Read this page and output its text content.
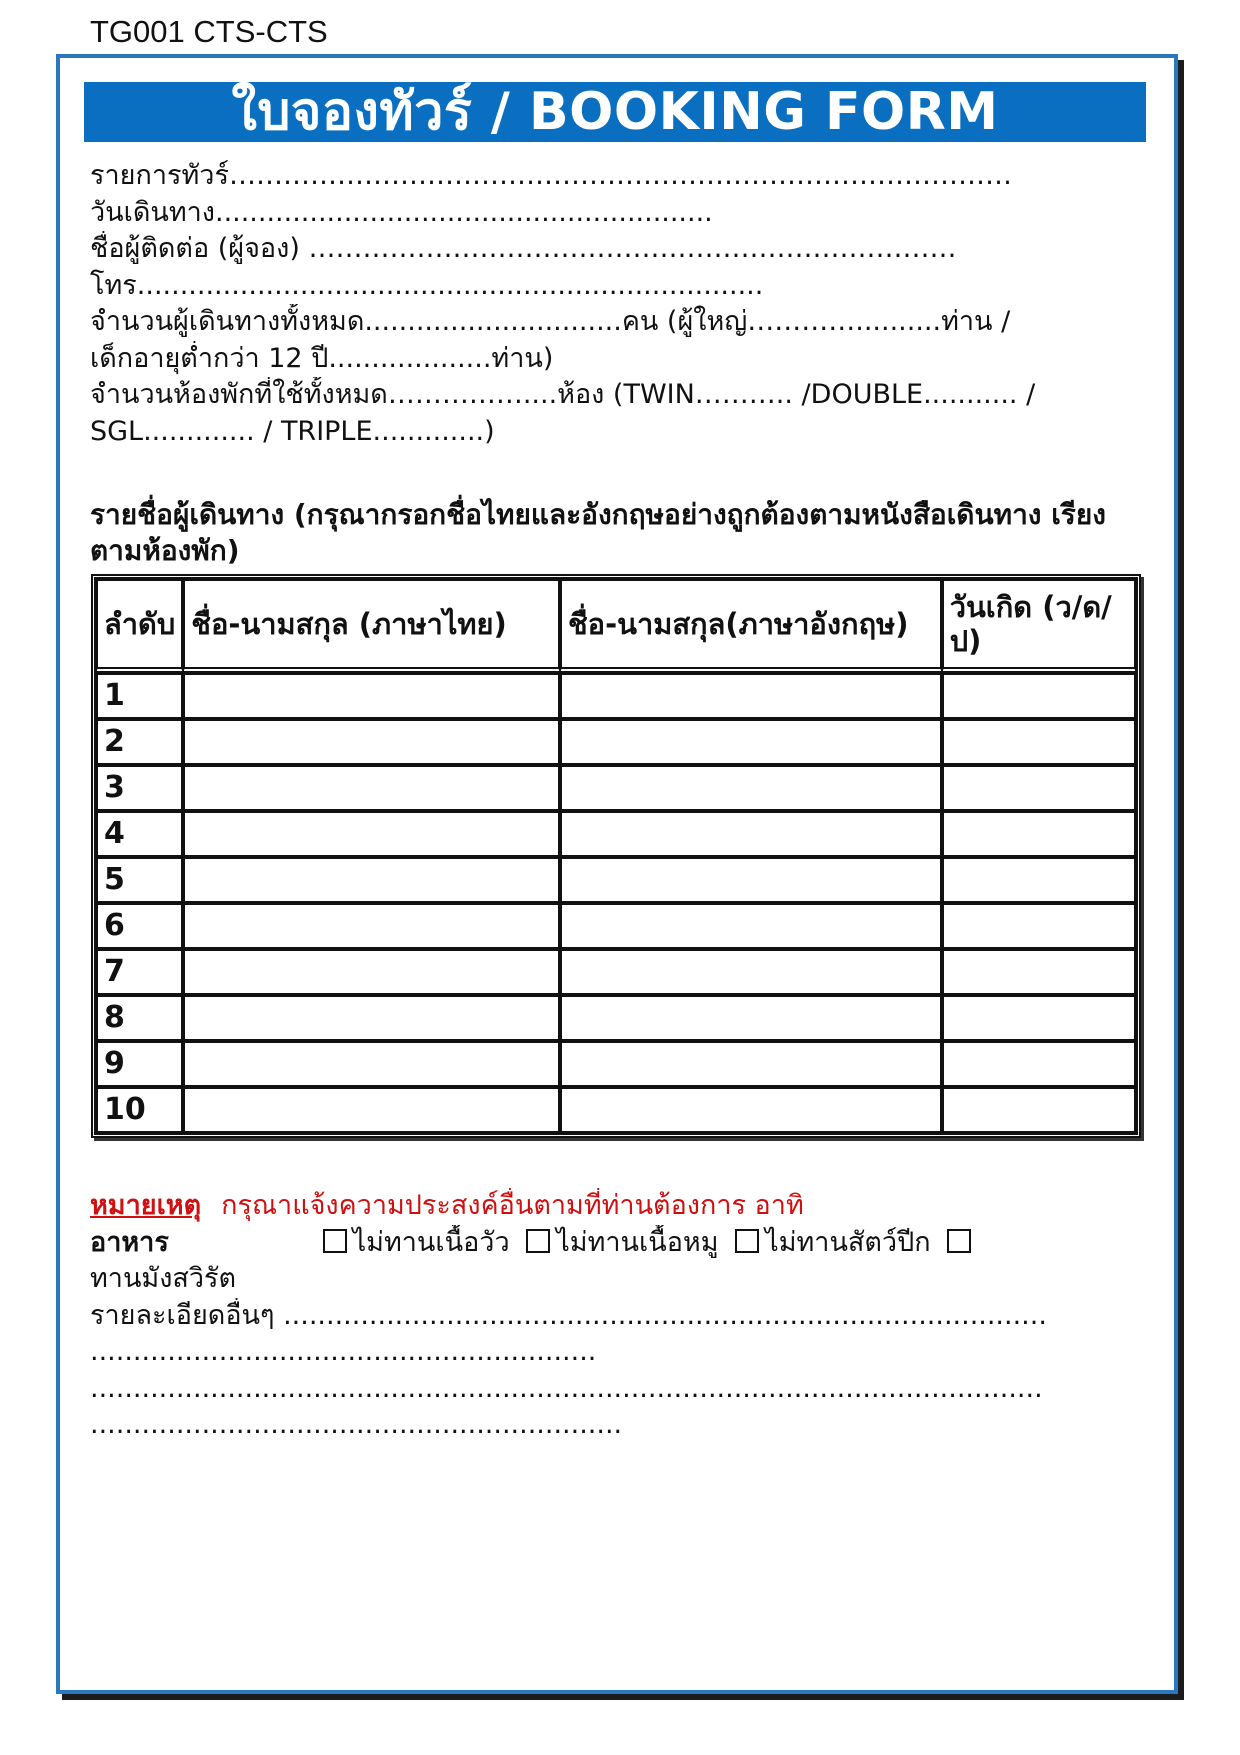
TG001 CTS-CTS
ใบจองทัวร์ / BOOKING FORM
รายการทัวร์……………………………………………………………………………
วันเดินทาง..........................................................
ชื่อผู้ติดต่อ (ผู้จอง) ………………………………………………………………
โทร.........................................................................
จำนวนผู้เดินทางทั้งหมด..............................คน (ผู้ใหญ่…………..........ท่าน /
เด็กอายุต่ำกว่า 12 ปี...................ท่าน)
จำนวนห้องพักที่ใช้ทั้งหมด……………....ห้อง (TWIN……….. /DOUBLE........... /
SGL............. / TRIPLE.............)
รายชื่อผู้เดินทาง (กรุณากรอกชื่อไทยและอังกฤษอย่างถูกต้องตามหนังสือเดินทาง เรียงตามห้องพัก)
ลำดับ	ชื่อ-นามสกุล (ภาษาไทย)	ชื่อ-นามสกุล(ภาษาอังกฤษ)	วันเกิด (ว/ด/ป)
1			
2			
3			
4			
5			
6			
7			
8			
9			
10			
หมายเหตุ กรุณาแจ้งความประสงค์อื่นตามที่ท่านต้องการ อาทิ
อาหาร	ไม่ทานเนื้อวัว ไม่ทานเนื้อหมู ไม่ทานสัตว์ปีก
ทานมังสวิรัต
รายละเอียดอื่นๆ .........................................................................................
...........................................................
...............................................................................................................
..............................................................
